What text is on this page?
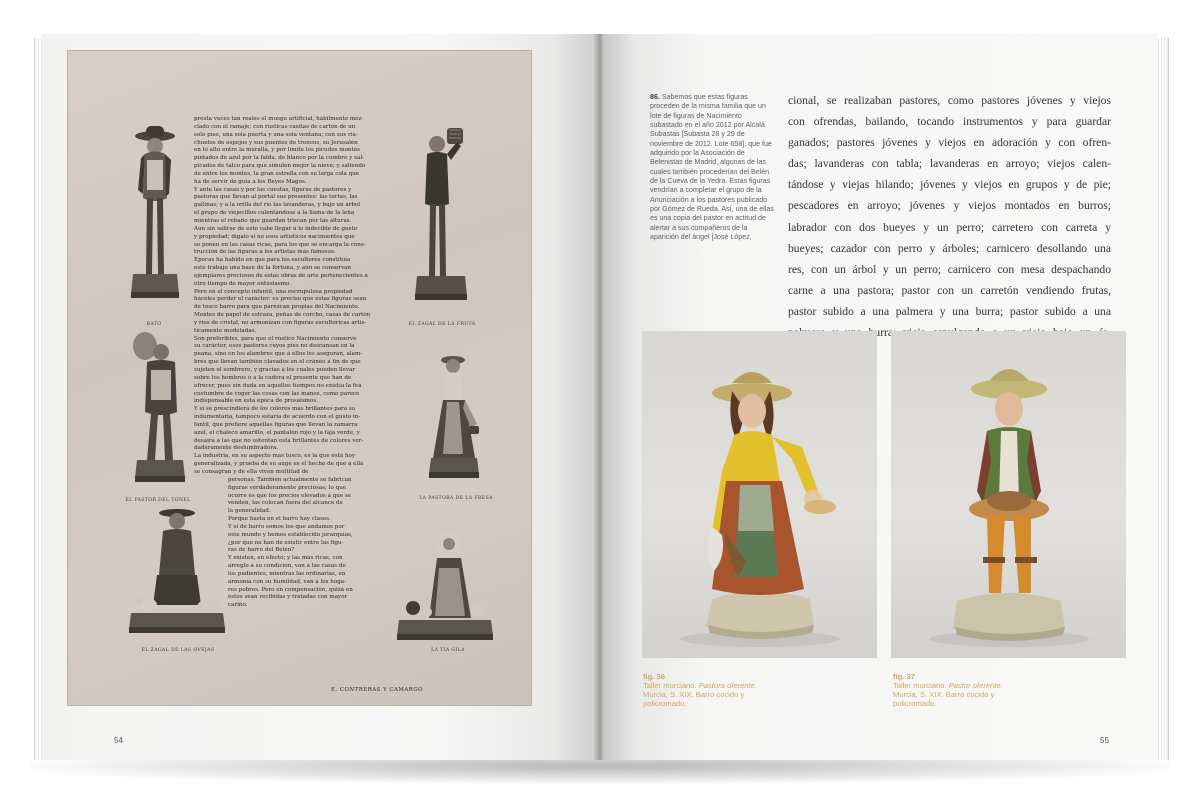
BATO	EL ZAGAL DE LA FRUTA
EL PASTOR DEL TONEL	LA PASTORA DE LA FRESA
EL ZAGAL DE LAS OVEJAS	LA TÍA GILA
presta veces tan reales el musgo artificial, hábilmente mez-
clado con el ramaje; con rústicas casitas de cartón de un
solo piso, una sola puerta y una sola ventana; con sus ria-
chuelos de espejos y sus puentes de troncos, su Jerusalén
en lo alto entre la muralla, y por límite los picudos montes
pintados de azul por la falda, de blanco por la cumbre y sal-
picados de talco para que simulen mejor la nieve; y saliendo
de entre los montes, la gran estrella con su larga cola que
ha de servir de guía á los Reyes Magos.
Y ante las casas y por las cuestas, figuras de pastores y
pastoras que llevan al portal sus presentes: las tortas, las
gallinas; y á la orilla del río las lavanderas, y bajo un árbol
el grupo de viejecillos calentándose á la llama de la leña
mientras el rebaño que guardan triscan por las alturas.
Aun sin salirse de esto cabe llegar á lo indecible de gusto
y propiedad; dígalo si no esos artísticos nacimientos que
se ponen en las casas ricas, para los que se encarga la cons-
trucción de las figuras á los artistas más famosos.
Épocas ha habido en que para los escultores constituía
este trabajo una base de la fortuna, y aún se conservan
ejemplares preciosos de estas obras de arte pertenecientes á
otro tiempo de mayor entusiasmo.
Pero en el concepto infantil, una escrupulosa propiedad
háceles perder el carácter; es preciso que estas figuras sean
de tosco barro para que parezcan propias del Nacimiento.
Montes de papel de estraza, peñas de corcho, casas de cartón
y ríos de cristal, no armonizan con figuras escultóricas artís-
ticamente modeladas.
Son preferibles, para que el rústico Nacimiento conserve
su carácter, esos pastores cuyos pies no descansan en la
peana, sino en los alambres que á ellos les aseguran, alam-
bres que llevan también clavados en el cráneo á fin de que
sujeten el sombrero, y gracias á los cuales pueden llevar
sobre los hombros ó á la cadera el presente que han de
ofrecer, pues sin duda en aquellos tiempos no existía la fea
costumbre de coger las cosas con las manos, como parece
indispensable en esta época de prosaísmos.
Y si se prescindiera de los colores más brillantes para su
indumentaria, tampoco estaría de acuerdo con el gusto in-
fantil, que prefiere aquellas figuras que llevan la zamarra
azul, el chaleco amarillo, el pantalón rojo y la faja verde, y
desaira á las que no ostentan esta brillantes de colores ver-
daderamente deslumbradora.
La industria, en su aspecto más tosco, es la que está hoy
generalizada, y prueba de su auge es el hecho de que á ella
se consagran y de ella viven multitud de
personas. También actualmente se fabrican
figuras verdaderamente preciosas; lo que
ocurre es que los precios elevados á que se
venden, las colocan fuera del alcance de
la generalidad.
Porque hasta en el barro hay clases.
Y si de barro somos los que andamos por
este mundo y hemos establecido jerarquías,
¿por qué no han de existir entre las figu-
ras de barro del Belén?
Y existen, en efecto; y las más ricas, con
arreglo á su condición, van á las casas de
los pudientes, mientras las ordinarias, en
armonía con su humildad, van á los hoga-
res pobres. Pero en compensación, quizá en
éstos sean recibidas y tratadas con mayor
cariño.
E. CONTRERAS Y CAMARGO
54
86. Sabemos que estas figuras proceden de la misma familia que un lote de figuras de Nacimiento subastado en el año 2012 por Alcalá Subastas [Subasta 28 y 29 de noviembre de 2012. Lote 658], que fue adquirido por la Asociación de Belenistas de Madrid, algunas de las cuales también procederían del Belén de la Cueva de la Yedra. Estas figuras vendrían a completar el grupo de la Anunciación a los pastores publicado por Gómez de Rueda. Así, una de ellas es una copia del pastor en actitud de alertar a sus compañeros de la aparición del ángel [José López,
cional, se realizaban pastores, como pastores jóvenes y viejos
con ofrendas, bailando, tocando instrumentos y para guardar
ganados; pastores jóvenes y viejos en adoración y con ofren-
das; lavanderas con tabla; lavanderas en arroyo; viejos calen-
tándose y viejas hilando; jóvenes y viejos en grupos y de pie;
pescadores en arroyo; jóvenes y viejos montados en burros;
labrador con dos bueyes y un perro; carretero con carreta y
bueyes; cazador con perro y árboles; carnicero desollando una
res, con un árbol y un perro; carnicero con mesa despachando
carne a una pastora; pastor con un carretón vendiendo frutas,
pastor subido a una palmera y una burra; pastor subido a una
burra;
fig. 36
Taller murciano. Pastora oferente.
Murcia, S. XIX. Barro cocido y
policromado.
fig. 37
Taller murciano. Pastor oferente.
Murcia, S. XIX. Barro cocido y
policromado.
55
